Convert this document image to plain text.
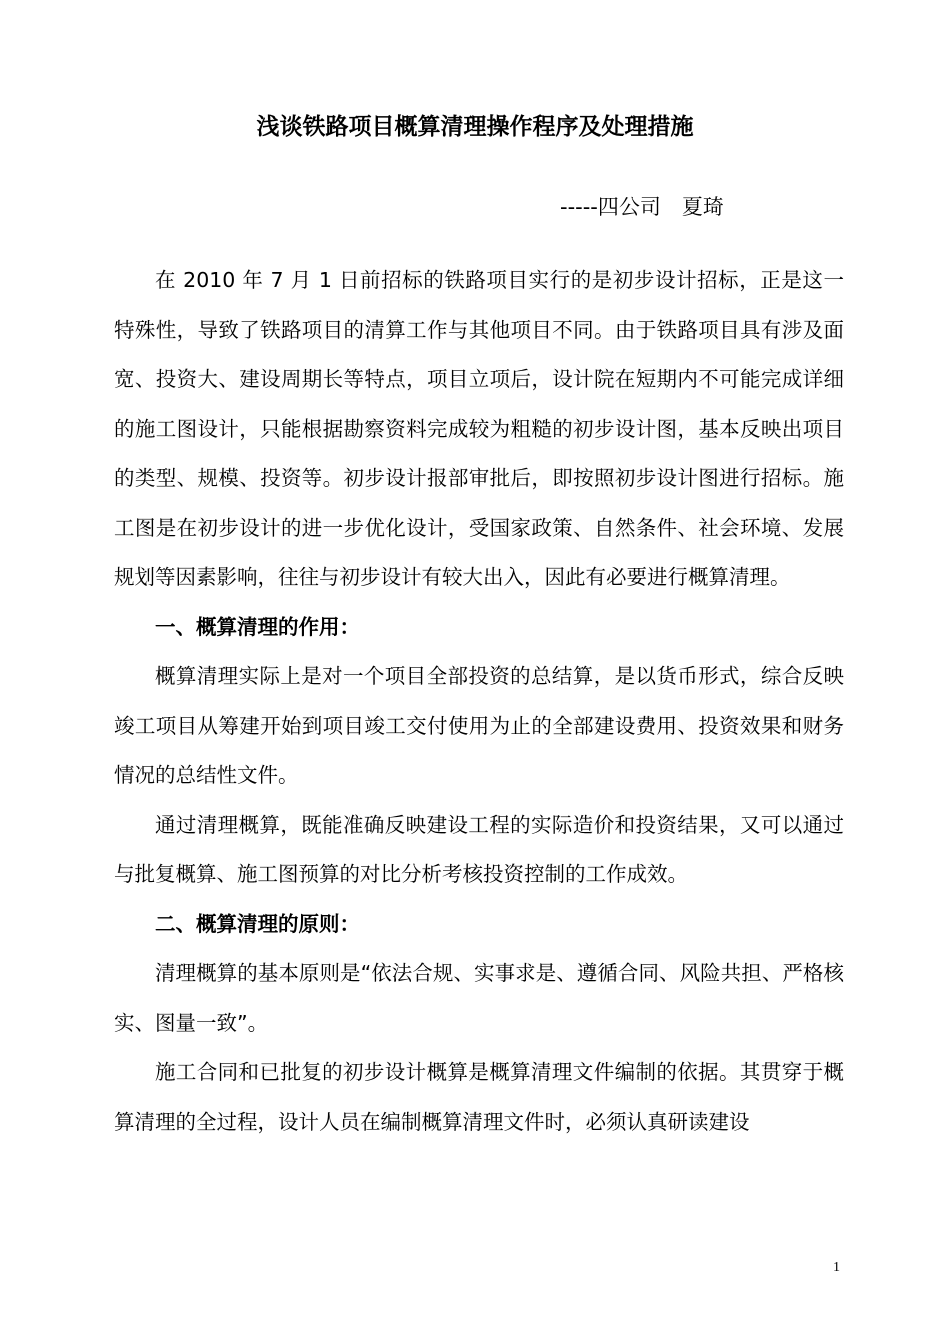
浅谈铁路项目概算清理操作程序及处理措施
-----四公司　夏琦

在 2010 年 7 月 1 日前招标的铁路项目实行的是初步设计招标，正是这一特殊性，导致了铁路项目的清算工作与其他项目不同。由于铁路项目具有涉及面宽、投资大、建设周期长等特点，项目立项后，设计院在短期内不可能完成详细的施工图设计，只能根据勘察资料完成较为粗糙的初步设计图，基本反映出项目的类型、规模、投资等。初步设计报部审批后，即按照初步设计图进行招标。施工图是在初步设计的进一步优化设计，受国家政策、自然条件、社会环境、发展规划等因素影响，往往与初步设计有较大出入，因此有必要进行概算清理。

一、概算清理的作用：

概算清理实际上是对一个项目全部投资的总结算，是以货币形式，综合反映竣工项目从筹建开始到项目竣工交付使用为止的全部建设费用、投资效果和财务情况的总结性文件。

通过清理概算，既能准确反映建设工程的实际造价和投资结果，又可以通过与批复概算、施工图预算的对比分析考核投资控制的工作成效。

二、概算清理的原则：

清理概算的基本原则是“依法合规、实事求是、遵循合同、风险共担、严格核实、图量一致”。

施工合同和已批复的初步设计概算是概算清理文件编制的依据。其贯穿于概算清理的全过程，设计人员在编制概算清理文件时，必须认真研读建设

1
